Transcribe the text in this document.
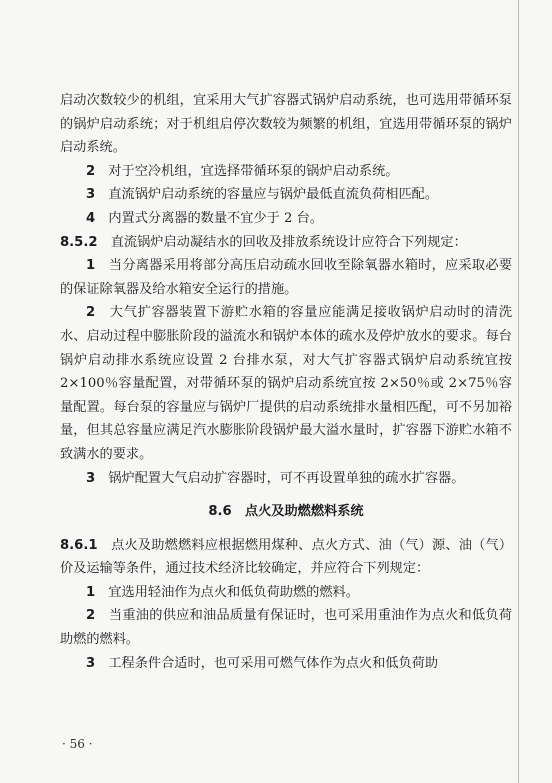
启动次数较少的机组，宜采用大气扩容器式锅炉启动系统，也可选用带循环泵的锅炉启动系统；对于机组启停次数较为频繁的机组，宜选用带循环泵的锅炉启动系统。

2　 对于空冷机组，宜选择带循环泵的锅炉启动系统。

3　 直流锅炉启动系统的容量应与锅炉最低直流负荷相匹配。

4　 内置式分离器的数量不宜少于 2 台。

8.5.2　 直流锅炉启动凝结水的回收及排放系统设计应符合下列规定：

1　 当分离器采用将部分高压启动疏水回收至除氧器水箱时，应采取必要的保证除氧器及给水箱安全运行的措施。

2　 大气扩容器装置下游贮水箱的容量应能满足接收锅炉启动时的清洗水、启动过程中膨胀阶段的溢流水和锅炉本体的疏水及停炉放水的要求。每台锅炉启动排水系统应设置 2 台排水泵，对大气扩容器式锅炉启动系统宜按 2×100％容量配置，对带循环泵的锅炉启动系统宜按 2×50％或 2×75％容量配置。每台泵的容量应与锅炉厂提供的启动系统排水量相匹配，可不另加裕量，但其总容量应满足汽水膨胀阶段锅炉最大溢水量时，扩容器下游贮水箱不致满水的要求。

3　 锅炉配置大气启动扩容器时，可不再设置单独的疏水扩容器。

8.6　点火及助燃燃料系统

8.6.1　 点火及助燃燃料应根据燃用煤种、点火方式、油（气）源、油（气）价及运输等条件，通过技术经济比较确定，并应符合下列规定：

1　 宜选用轻油作为点火和低负荷助燃的燃料。

2　 当重油的供应和油品质量有保证时，也可采用重油作为点火和低负荷助燃的燃料。

3　 工程条件合适时，也可采用可燃气体作为点火和低负荷助

· 56 ·
